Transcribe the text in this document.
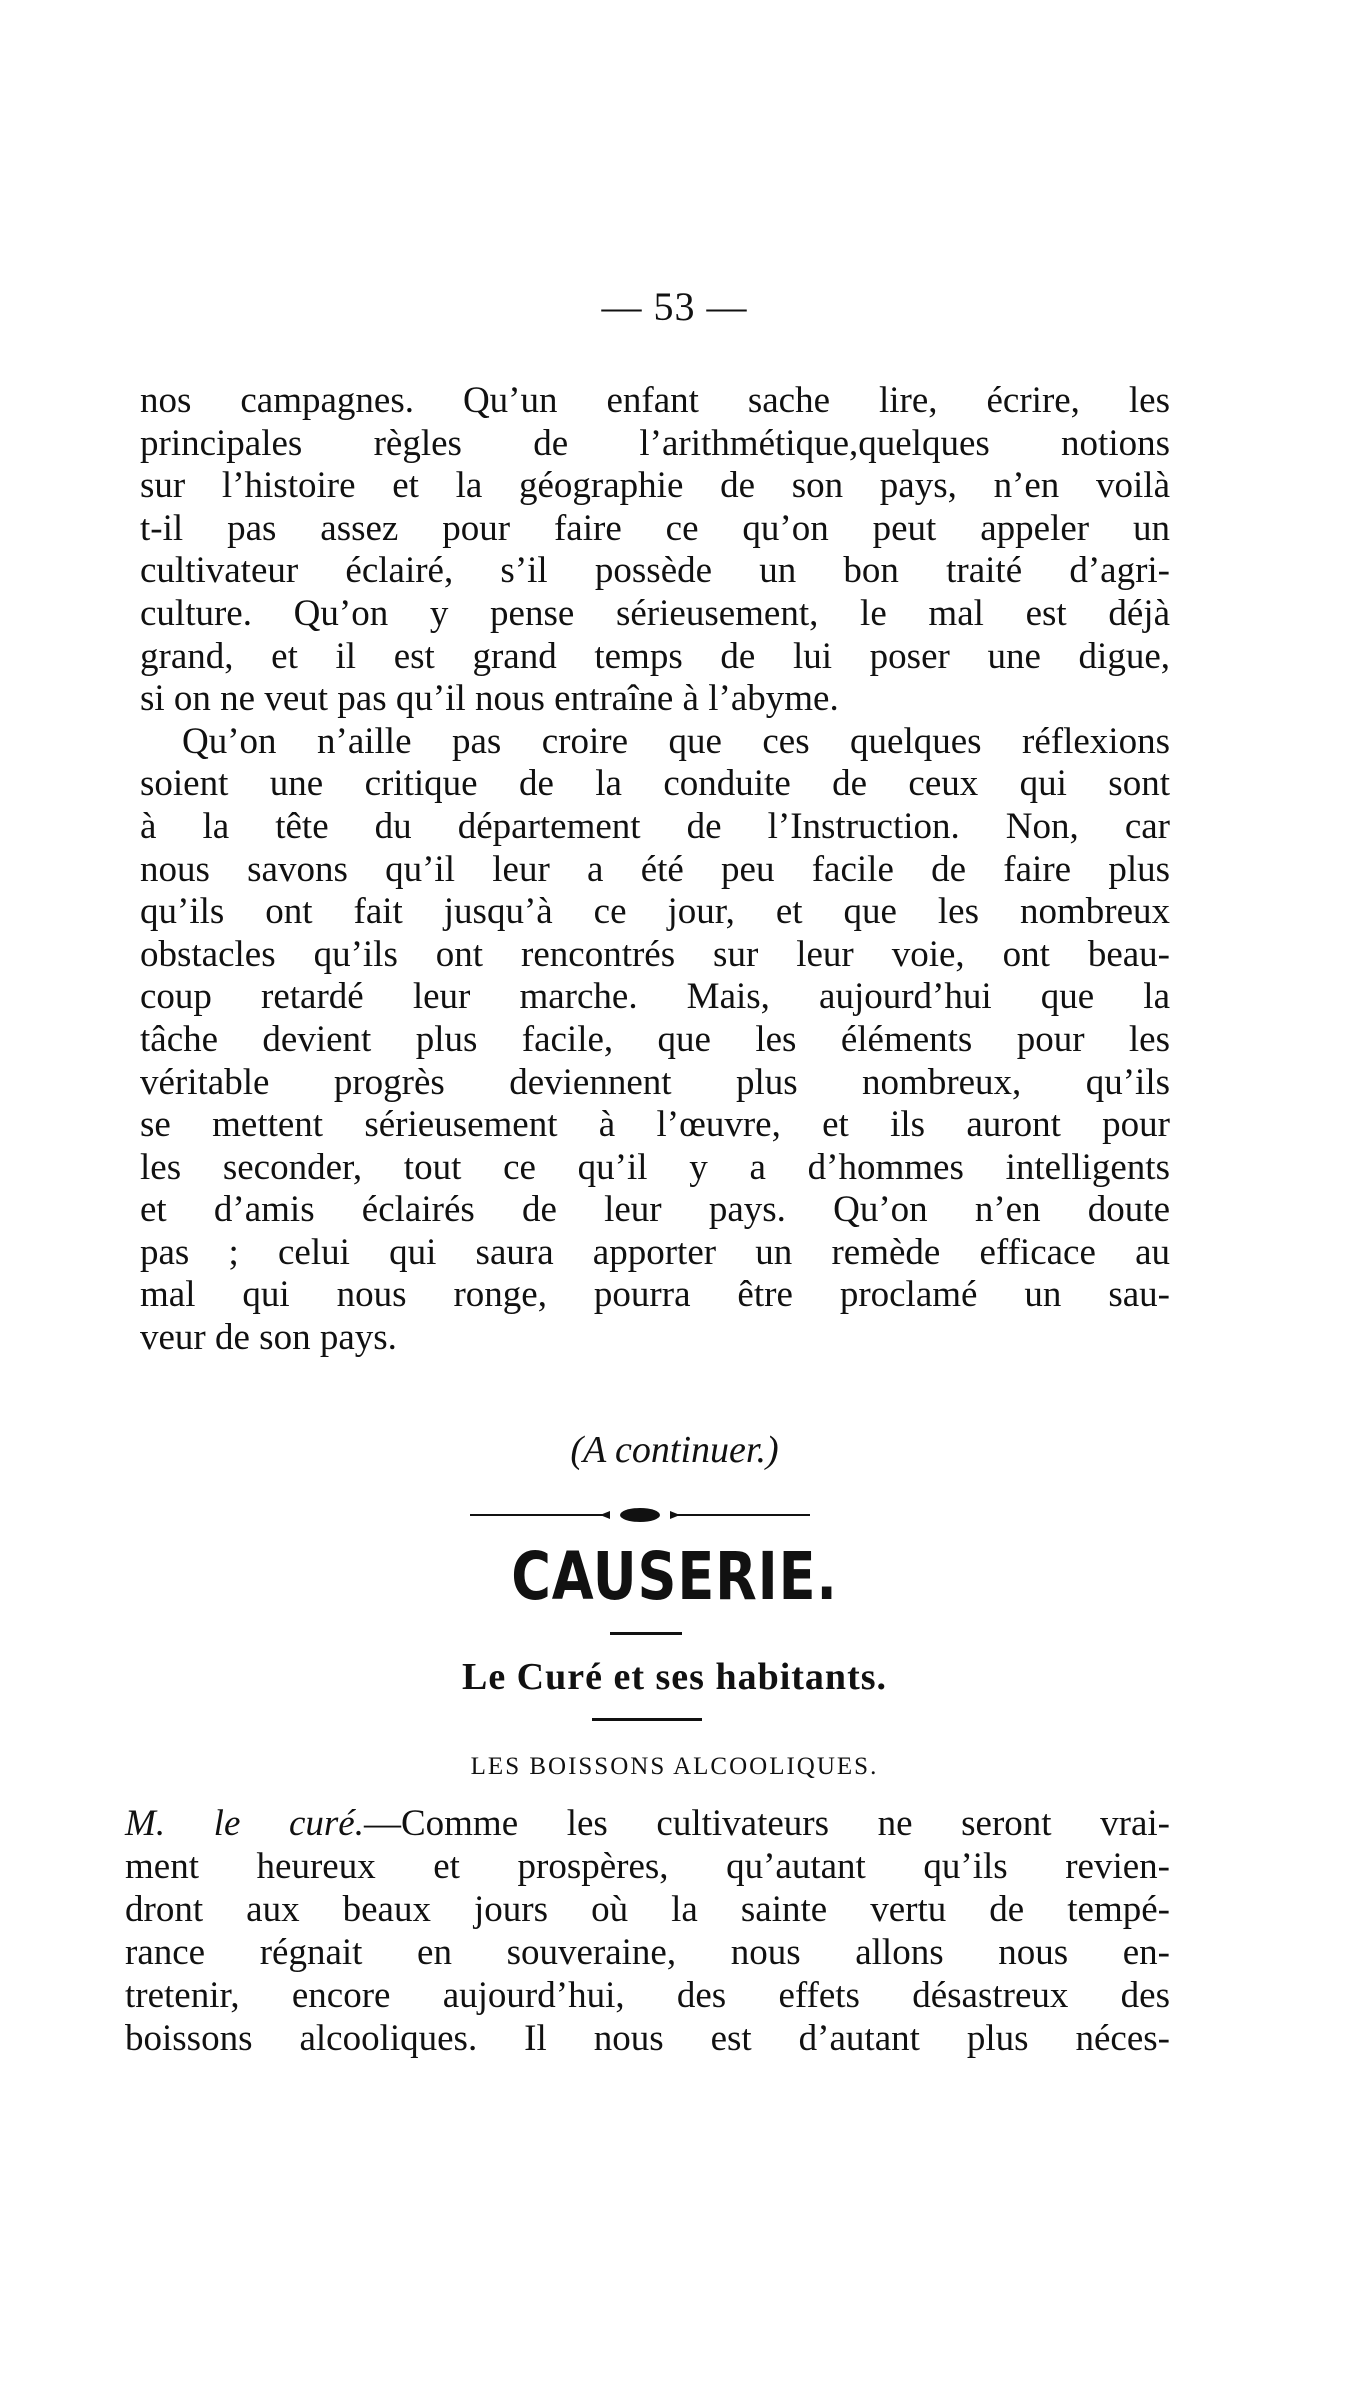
— 53 —
nos campagnes. Qu’un enfant sache lire, écrire, les
principales règles de l’arithmétique,quelques notions
sur l’histoire et la géographie de son pays, n’en voilà
t-il pas assez pour faire ce qu’on peut appeler un
cultivateur éclairé, s’il possède un bon traité d’agri-
culture. Qu’on y pense sérieusement, le mal est déjà
grand, et il est grand temps de lui poser une digue,
si on ne veut pas qu’il nous entraîne à l’abyme.
Qu’on n’aille pas croire que ces quelques réflexions
soient une critique de la conduite de ceux qui sont
à la tête du département de l’Instruction. Non, car
nous savons qu’il leur a été peu facile de faire plus
qu’ils ont fait jusqu’à ce jour, et que les nombreux
obstacles qu’ils ont rencontrés sur leur voie, ont beau-
coup retardé leur marche. Mais, aujourd’hui que la
tâche devient plus facile, que les éléments pour les
véritable progrès deviennent plus nombreux, qu’ils
se mettent sérieusement à l’œuvre, et ils auront pour
les seconder, tout ce qu’il y a d’hommes intelligents
et d’amis éclairés de leur pays. Qu’on n’en doute
pas ; celui qui saura apporter un remède efficace au
mal qui nous ronge, pourra être proclamé un sau-
veur de son pays.
(A continuer.)
CAUSERIE.
Le Curé et ses habitants.
LES BOISSONS ALCOOLIQUES.
M. le curé.—Comme les cultivateurs ne seront vrai-
ment heureux et prospères, qu’autant qu’ils revien-
dront aux beaux jours où la sainte vertu de tempé-
rance régnait en souveraine, nous allons nous en-
tretenir, encore aujourd’hui, des effets désastreux des
boissons alcooliques. Il nous est d’autant plus néces-
